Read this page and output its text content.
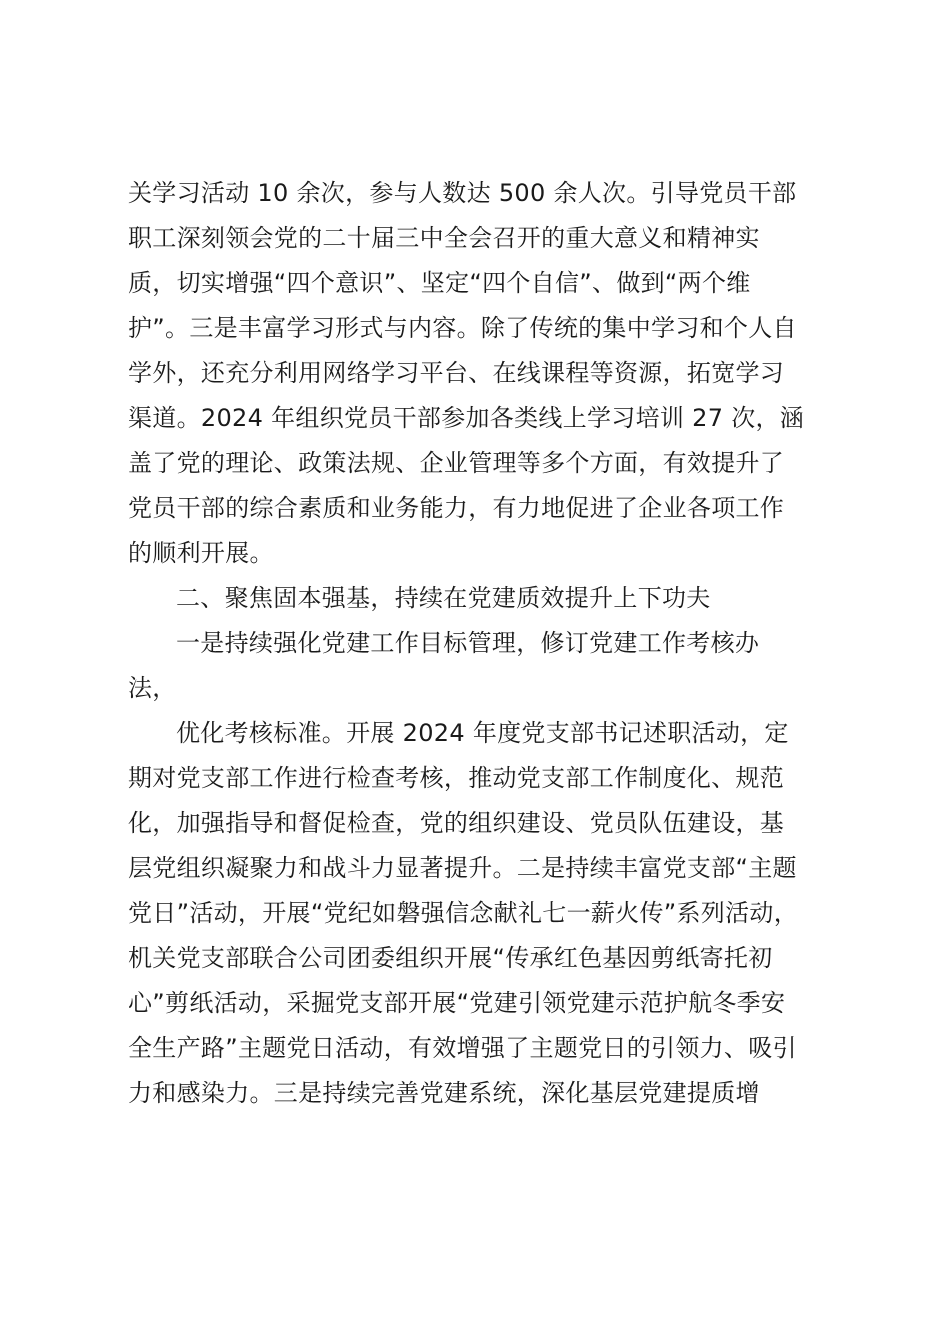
关学习活动 10 余次，参与人数达 500 余人次。引导党员干部
职工深刻领会党的二十届三中全会召开的重大意义和精神实
质，切实增强“四个意识”、坚定“四个自信”、做到“两个维
护”。三是丰富学习形式与内容。除了传统的集中学习和个人自
学外，还充分利用网络学习平台、在线课程等资源，拓宽学习
渠道。2024 年组织党员干部参加各类线上学习培训 27 次，涵
盖了党的理论、政策法规、企业管理等多个方面，有效提升了
党员干部的综合素质和业务能力，有力地促进了企业各项工作
的顺利开展。
二、聚焦固本强基，持续在党建质效提升上下功夫
一是持续强化党建工作目标管理，修订党建工作考核办
法，
优化考核标准。开展 2024 年度党支部书记述职活动，定
期对党支部工作进行检查考核，推动党支部工作制度化、规范
化，加强指导和督促检查，党的组织建设、党员队伍建设，基
层党组织凝聚力和战斗力显著提升。二是持续丰富党支部“主题
党日”活动，开展“党纪如磐强信念献礼七一薪火传”系列活动，
机关党支部联合公司团委组织开展“传承红色基因剪纸寄托初
心”剪纸活动，采掘党支部开展“党建引领党建示范护航冬季安
全生产路”主题党日活动，有效增强了主题党日的引领力、吸引
力和感染力。三是持续完善党建系统，深化基层党建提质增
